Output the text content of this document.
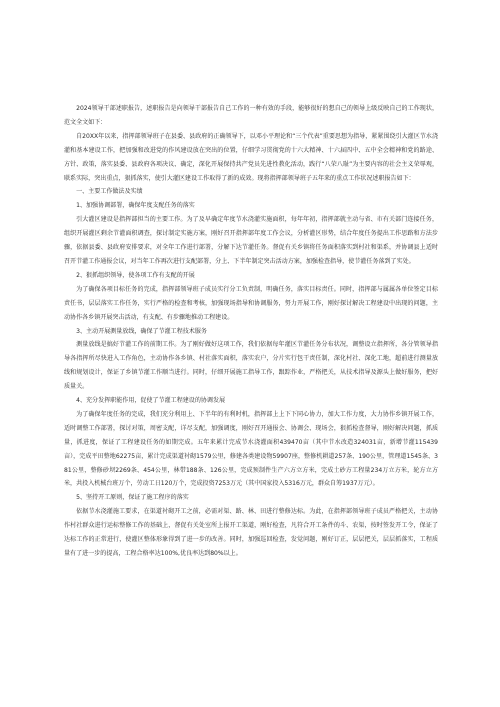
2024领导干部述职报告，述职报告是向领导干部报告自己工作的一种有效的手段，能够很好的想自己的领导上级反映自己的工作现状，范文全文如下：

自20XX年以来，指挥部领导班子在县委、县政府的正确领导下，以邓小平理论和“三个代表”重要思想为指导，紧紧围绕引大灌区节水浇灌和基本建设工作，把加强和改进党的作风建设放在突出的位置，仔细学习贯彻党的十六大精神、十六届四中、五中全会精神和党的路途、方针、政策，落实县委、县政府各项决议、确定，深化开展保持共产党员先进性教化活动，践行“八荣八耻”为主要内容的社会主义荣辱观，联系实际，突出重点，狠抓落实，使引大灌区建设工作取得了新的成效。现将指挥部领导班子五年来的重点工作状况述职报告如下：

一、主要工作做法及实绩

1、加强协调部署，确保年度支配任务的落实

引大灌区建设是指挥部担当的主要工作。为了及早确定年度节水浇灌实施面积，每年年初，指挥部就主动与省、市有关部门连接任务，组织开展灌区剩余节灌面积调查，探讨制定实施方案，刚好召开指挥部年度工作会议，分析灌区形势，结合年度任务提出工作思路和方法步骤，依据县委、县政府安排要求，对全年工作进行部署，分解下达节灌任务。督促有关乡镇将任务面积落实到村社和渠系，并协调县上适时召开节灌工作通报会议，对当年工作再次进行支配部署，分上、下半年制定突击活动方案，加强检查指导，使节灌任务落到了实处。

2、狠抓组织领导，使各项工作有支配的开展

为了确保各项目标任务的完成，指挥部领导班子成员实行分工负责制，明确任务，落实目标责任。同时，指挥部与属属各单位签定目标责任书，层层落实工作任务，实行严格的检查和考核，加强现场指导和协调服务，努力开展工作，刚好探讨解决工程建设中出现的问题，主动协作各乡镇开展突击活动，有支配、有步骤地推动工程建设。

3、主动开展测量放线，确保了节灌工程技术服务

测量放线是搞好节灌工作的前期工作。为了刚好做好这项工作，我们依据每年灌区节灌任务分布状况，调整设立指挥所，各分管领导指导各指挥所尽快进入工作角色，主动协作各乡镇、村社落实面积，落实农户，分片实行包干责任制，深化村社、深化工地，超前进行测量放线和规划设计，保证了乡镇节灌工作顺当进行。同时，仔细开展施工指导工作，跟踪作业，严格把关，从技术指导及源头上做好服务，把好质量关。

4、充分发挥职能作用，促使了节灌工程建设的协调发展

为了确保年度任务的完成，我们充分利用上、下半年的有利时机，指挥部上上下下同心协力，加大工作力度，大力协作乡镇开展工作，适时调整工作部署，探讨对策，周密支配，详尽支配，加强调度，刚好召开通报会、协调会、现场会，狠抓检查督导，刚好解决问题，抓质量，抓进度，保证了工程建设任务的如期完成。五年来累计完成节水浇灌面积439470亩（其中节水改造324031亩，新增节灌115439亩），完成平田整地62275亩，累计完成渠道衬砌1579公里，修建各类建设物59907座，整修机耕道257条、190公里，管理道1545条、381公里，整修砂坝2269条、454公里，林带188条、126公里，完成预制件生产六方立方米，完成土砂方工程量234万立方米，轮方立方米，共投入机械台班万个，劳动工日120万个，完成投资7253万元（其中国家投入5316万元，群众自筹1937万元）。

5、坚持开工原则，保证了施工程序的落实

依据节水浇灌施工要求，在渠道衬砌开工之前，必需对渠、路、林、田进行整修达标。为此，在指挥部领导班子成员严格把关，主动协作村社群众进行运标整修工作的基础上，督促有关处室所上报开工渠道，刚好检查，凡符合开工条件的斗、农渠，按时签发开工令，保证了达标工作的正常进行，使灌区整体形象得到了进一步的改善。同时，加强巡回检查，发觉问题，刚好订正，层层把关，层层抓落实，工程质量有了进一步的提高，工程合格率达100%,优良率达到80%以上。
